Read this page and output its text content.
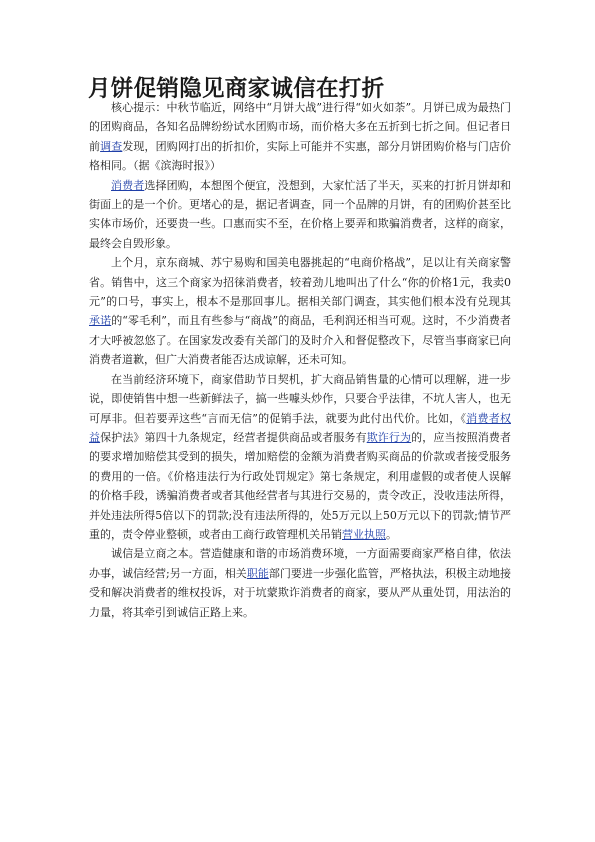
月饼促销隐见商家诚信在打折

核心提示：中秋节临近，网络中“月饼大战”进行得“如火如荼”。月饼已成为最热门的团购商品，各知名品牌纷纷试水团购市场，而价格大多在五折到七折之间。但记者日前调查发现，团购网打出的折扣价，实际上可能并不实惠，部分月饼团购价格与门店价格相同。（据《滨海时报》）

消费者选择团购，本想图个便宜，没想到，大家忙活了半天，买来的打折月饼却和街面上的是一个价。更堵心的是，据记者调查，同一个品牌的月饼，有的团购价甚至比实体市场价，还要贵一些。口惠而实不至，在价格上要弄和欺骗消费者，这样的商家，最终会自毁形象。

上个月，京东商城、苏宁易购和国美电器挑起的“电商价格战”，足以让有关商家警省。销售中，这三个商家为招徕消费者，较着劲儿地叫出了什么“你的价格1元，我卖0元”的口号，事实上，根本不是那回事儿。据相关部门调查，其实他们根本没有兑现其承诺的“零毛利”，而且有些参与“商战”的商品，毛利润还相当可观。这时，不少消费者才大呼被忽悠了。在国家发改委有关部门的及时介入和督促整改下，尽管当事商家已向消费者道歉，但广大消费者能否达成谅解，还未可知。

在当前经济环境下，商家借助节日契机，扩大商品销售量的心情可以理解，进一步说，即使销售中想一些新鲜法子，搞一些噱头炒作，只要合乎法律，不坑人害人，也无可厚非。但若要弄这些“言而无信”的促销手法，就要为此付出代价。比如，《消费者权益保护法》第四十九条规定，经营者提供商品或者服务有欺诈行为的，应当按照消费者的要求增加赔偿其受到的损失，增加赔偿的金额为消费者购买商品的价款或者接受服务的费用的一倍。《价格违法行为行政处罚规定》第七条规定，利用虚假的或者使人误解的价格手段，诱骗消费者或者其他经营者与其进行交易的，责令改正，没收违法所得，并处违法所得5倍以下的罚款;没有违法所得的，处5万元以上50万元以下的罚款;情节严重的，责令停业整顿，或者由工商行政管理机关吊销营业执照。

诚信是立商之本。营造健康和谐的市场消费环境，一方面需要商家严格自律，依法办事，诚信经营;另一方面，相关职能部门要进一步强化监管，严格执法，积极主动地接受和解决消费者的维权投诉，对于坑蒙欺诈消费者的商家，要从严从重处罚，用法治的力量，将其牵引到诚信正路上来。
